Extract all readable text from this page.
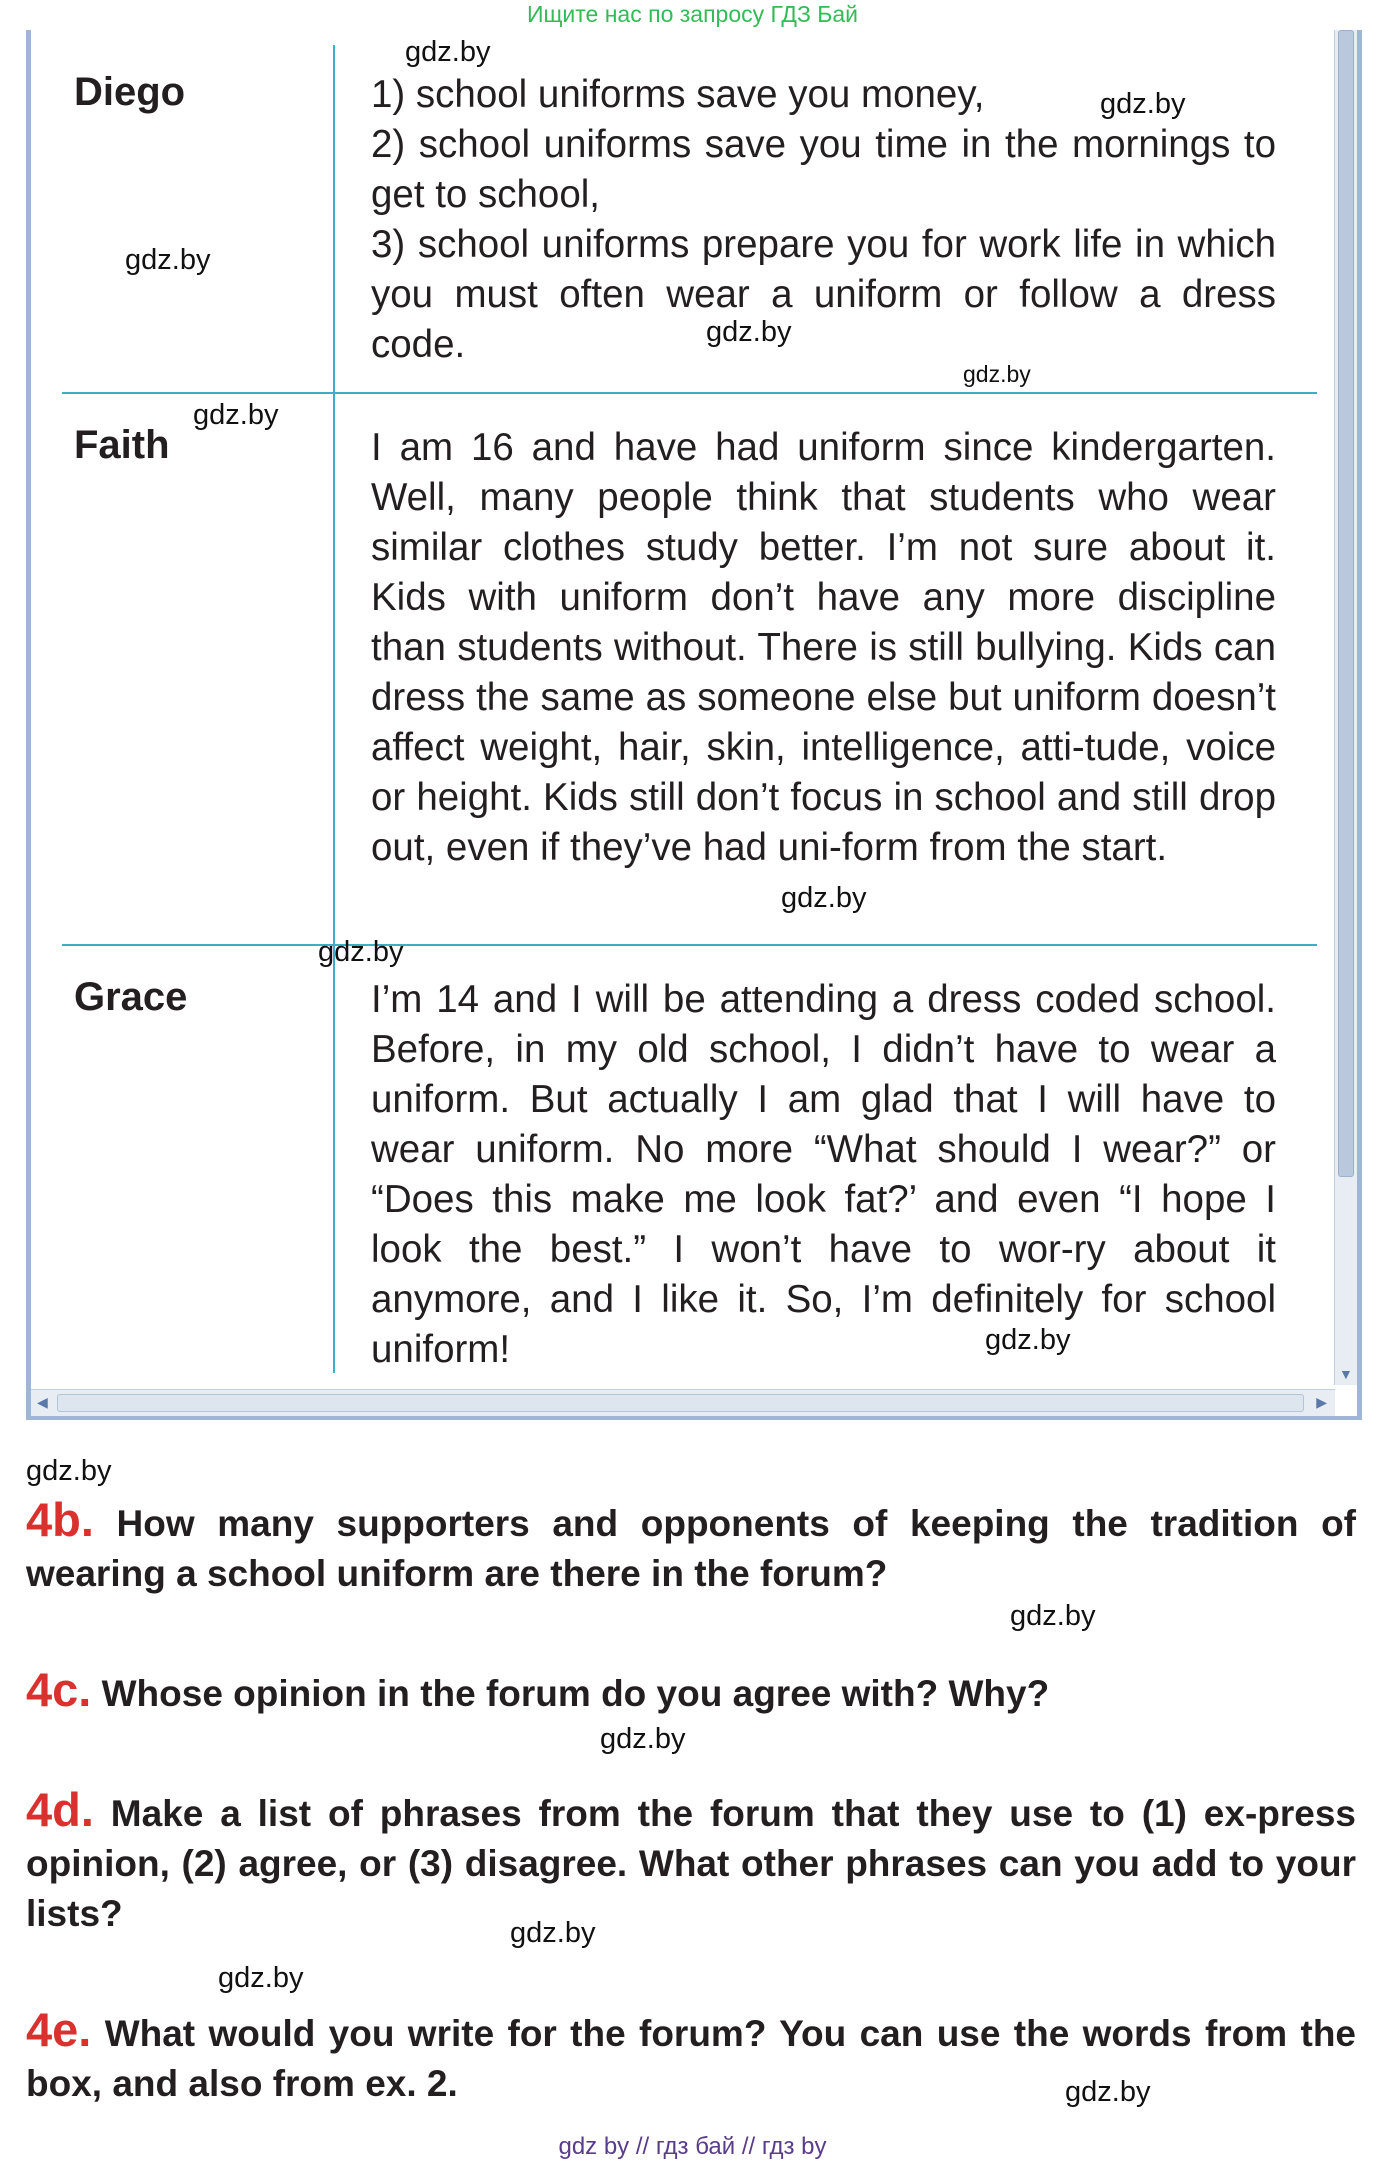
Ищите нас по запросу ГДЗ Бай
▼
◀	▶
Diego	1) school uniforms save you money,

2) school uniforms save you time in the mornings to get to school,

3) school uniforms prepare you for work life in which you must often wear a uniform or follow a dress code.

Faith	I am 16 and have had uniform since kindergarten. Well, many people think that students who wear similar clothes study better. I’m not sure about it. Kids with uniform don’t have any more discipline than students without. There is still bullying. Kids can dress the same as someone else but uniform doesn’t affect weight, hair, skin, intelligence, atti-tude, voice or height. Kids still don’t focus in school and still drop out, even if they’ve had uni-form from the start.
Grace	I’m 14 and I will be attending a dress coded school. Before, in my old school, I didn’t have to wear a uniform. But actually I am glad that I will have to wear uniform. No more “What should I wear?” or “Does this make me look fat?’ and even “I hope I look the best.” I won’t have to wor-ry about it anymore, and I like it. So, I’m definitely for school uniform!
gdz.by
gdz.by
gdz.by
gdz.by
gdz.by
gdz.by
gdz.by
gdz.by
gdz.by
gdz.by
gdz.by
gdz.by
gdz.by
gdz.by
gdz.by
4b. How many supporters and opponents of keeping the tradition of wearing a school uniform are there in the forum?
4c. Whose opinion in the forum do you agree with? Why?
4d. Make a list of phrases from the forum that they use to (1) ex-press opinion, (2) agree, or (3) disagree. What other phrases can you add to your lists?
4e. What would you write for the forum? You can use the words from the box, and also from ex. 2.
gdz by // гдз бай // гдз by
